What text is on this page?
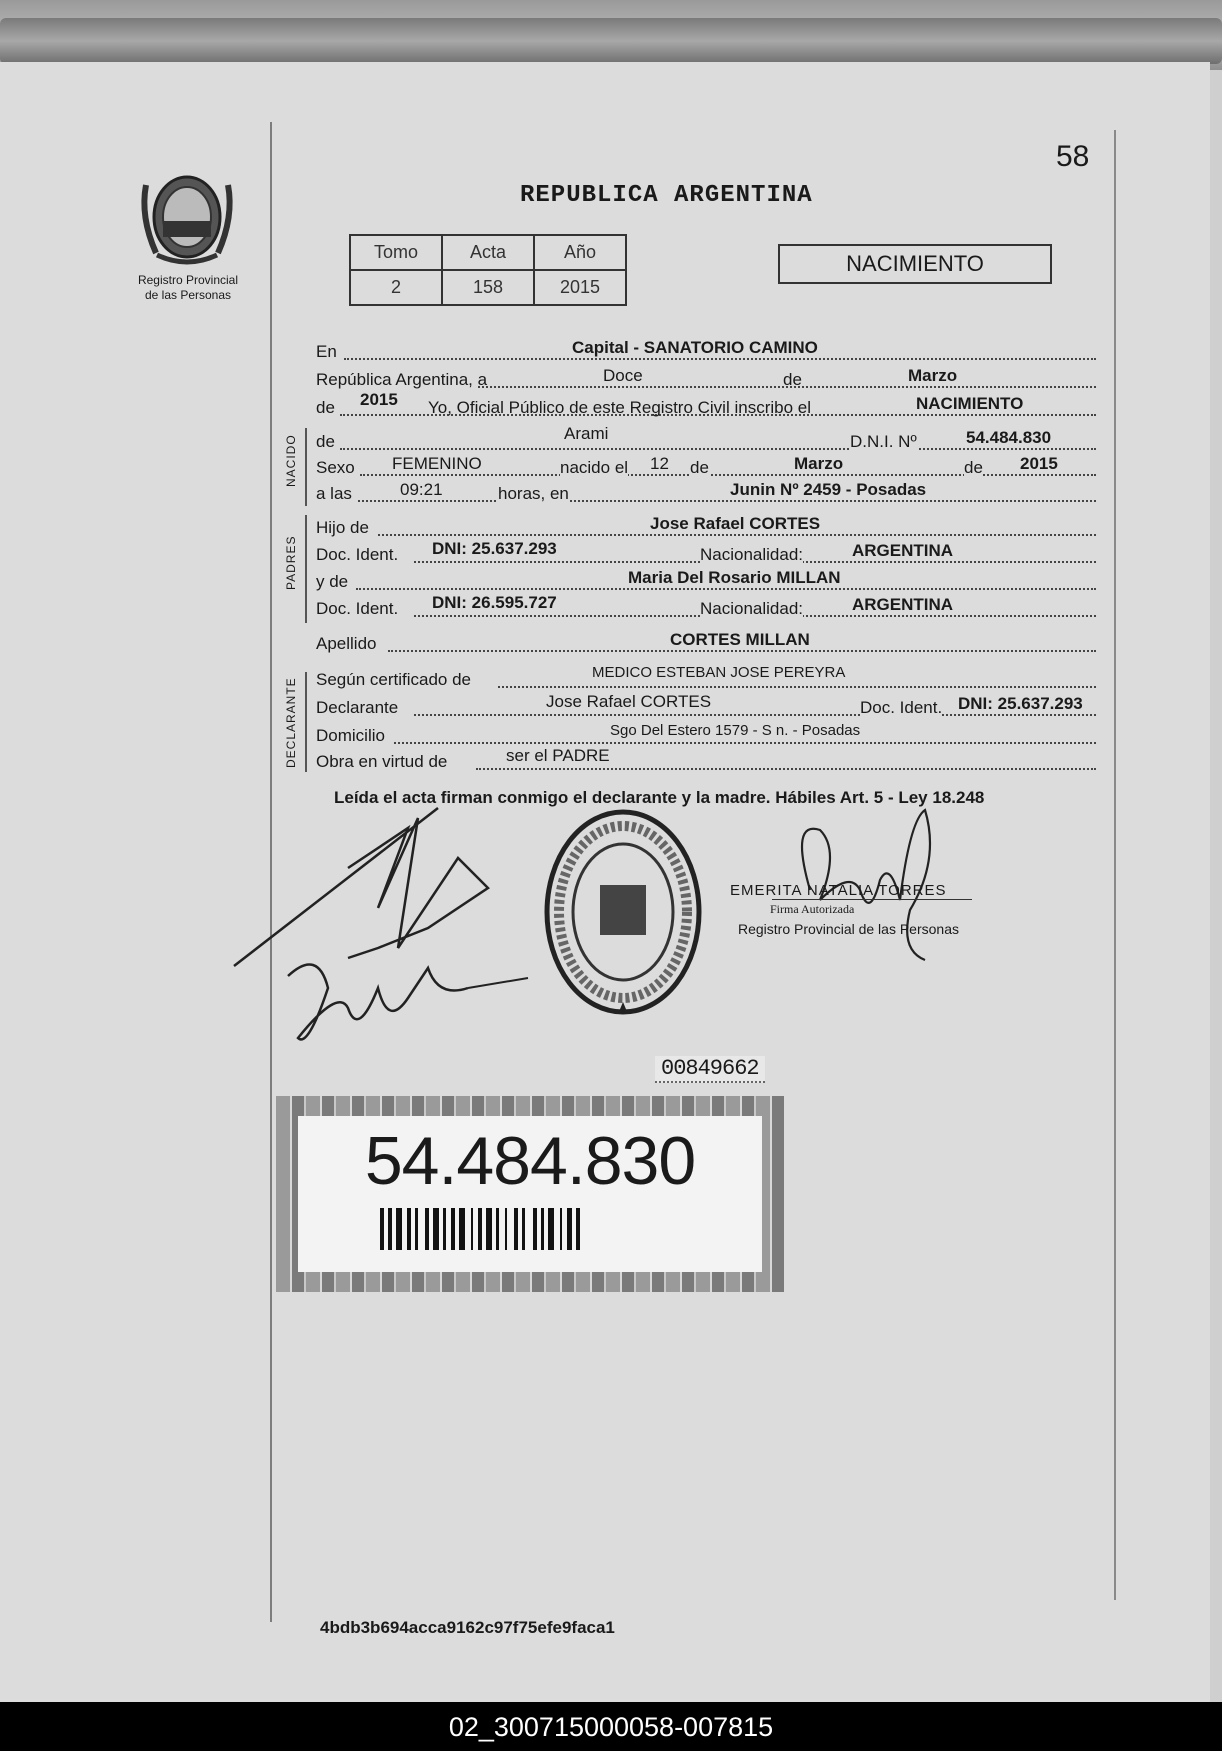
58
Registro Provincial
de las Personas
REPUBLICA ARGENTINA
Tomo	Acta	Año
2	158	2015
NACIMIENTO
En	Capital - SANATORIO CAMINO
República Argentina, a	Doce	de	Marzo
de 2015 Yo, Oficial Público de este Registro Civil inscribo el	NACIMIENTO
NACIDO de	Arami	D.N.I. Nº	54.484.830
Sexo FEMENINO	nacido el 12 de	Marzo	de 2015
a las	09:21	horas, en	Junin Nº 2459 - Posadas
PADRES
Hijo de	Jose Rafael CORTES
Doc. Ident. DNI: 25.637.293	Nacionalidad:	ARGENTINA
y de	Maria Del Rosario MILLAN
Doc. Ident. DNI: 26.595.727	Nacionalidad:	ARGENTINA
Apellido	CORTES MILLAN
DECLARANTE Según certificado de	MEDICO ESTEBAN JOSE PEREYRA
Declarante	Jose Rafael CORTES	Doc. Ident. DNI: 25.637.293
Domicilio	Sgo Del Estero 1579 - S n. - Posadas
Obra en virtud de	ser el PADRE
Leída el acta firman conmigo el declarante y la madre. Hábiles Art. 5 - Ley 18.248
EMERITA NATALIA TORRES
Firma Autorizada
Registro Provincial de las Personas
00849662
54.484.830
4bdb3b694acca9162c97f75efe9faca1
02_300715000058-007815
